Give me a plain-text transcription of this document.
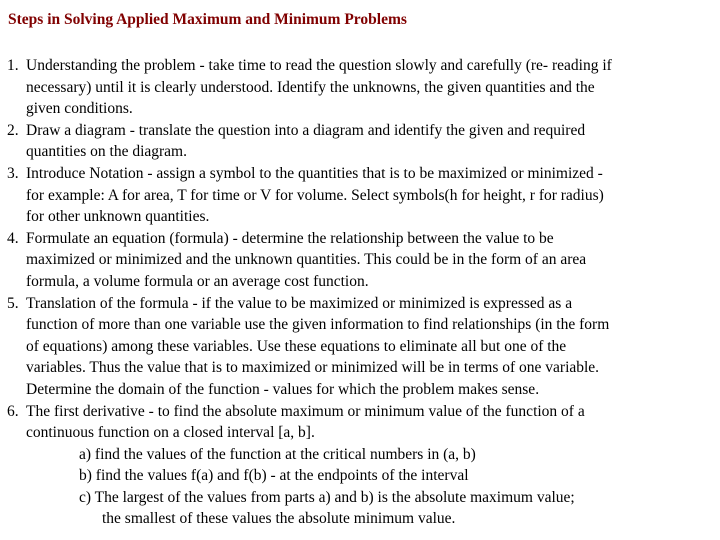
Steps in Solving Applied Maximum and Minimum Problems
1. Understanding the problem - take time to read the question slowly and carefully (re- reading if
necessary) until it is clearly understood. Identify the unknowns, the given quantities and the
given conditions.
2. Draw a diagram - translate the question into a diagram and identify the given and required
quantities on the diagram.
3. Introduce Notation - assign a symbol to the quantities that is to be maximized or minimized -
for example: A for area, T for time or V for volume. Select symbols(h for height, r for radius)
for other unknown quantities.
4. Formulate an equation (formula) - determine the relationship between the value to be
maximized or minimized and the unknown quantities. This could be in the form of an area
formula, a volume formula or an average cost function.
5. Translation of the formula - if the value to be maximized or minimized is expressed as a
function of more than one variable use the given information to find relationships (in the form
of equations) among these variables. Use these equations to eliminate all but one of the
variables. Thus the value that is to maximized or minimized will be in terms of one variable.
Determine the domain of the function - values for which the problem makes sense.
6. The first derivative - to find the absolute maximum or minimum value of the function of a
continuous function on a closed interval [a, b].
a) find the values of the function at the critical numbers in (a, b)
b) find the values f(a) and f(b) - at the endpoints of the interval
c) The largest of the values from parts a) and b) is the absolute maximum value;
the smallest of these values the absolute minimum value.
